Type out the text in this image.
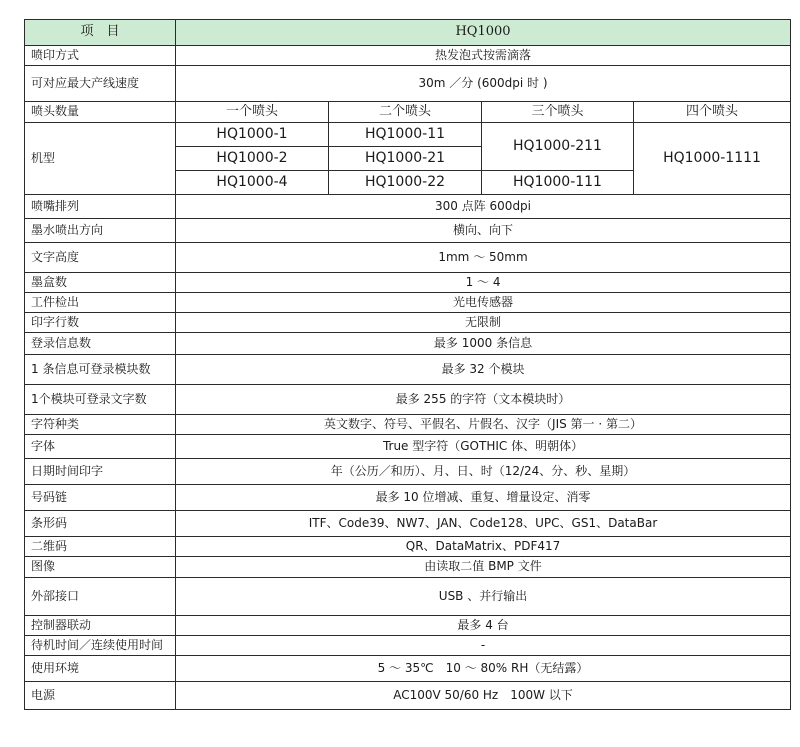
项　目	HQ1000			
喷印方式	热发泡式按需滴落			
可对应最大产线速度	30m ／分 (600dpi 时 )			
喷头数量	一个喷头	二个喷头	三个喷头	四个喷头
机型	HQ1000-1	HQ1000-11	HQ1000-211	HQ1000-1111
	HQ1000-2	HQ1000-21		
	HQ1000-4	HQ1000-22	HQ1000-111	
喷嘴排列	300 点阵 600dpi			
墨水喷出方向	横向、向下			
文字高度	1mm ～ 50mm			
墨盒数	1 ～ 4			
工件检出	光电传感器			
印字行数	无限制			
登录信息数	最多 1000 条信息			
1 条信息可登录模块数	最多 32 个模块			
1个模块可登录文字数	最多 255 的字符（文本模块时）			
字符种类	英文数字、符号、平假名、片假名、汉字（JIS 第一 · 第二）			
字体	True 型字符（GOTHIC 体、明朝体）			
日期时间印字	年（公历／和历）、月、日、时（12/24、分、秒、星期）			
号码链	最多 10 位增减、重复、增量设定、消零			
条形码	ITF、Code39、NW7、JAN、Code128、UPC、GS1、DataBar			
二维码	QR、DataMatrix、PDF417			
图像	由读取二值 BMP 文件			
外部接口	USB 、并行输出			
控制器联动	最多 4 台			
待机时间／连续使用时间	-			
使用环境	5 ～ 35℃　10 ～ 80% RH（无结露）			
电源	AC100V 50/60 Hz　100W 以下			
